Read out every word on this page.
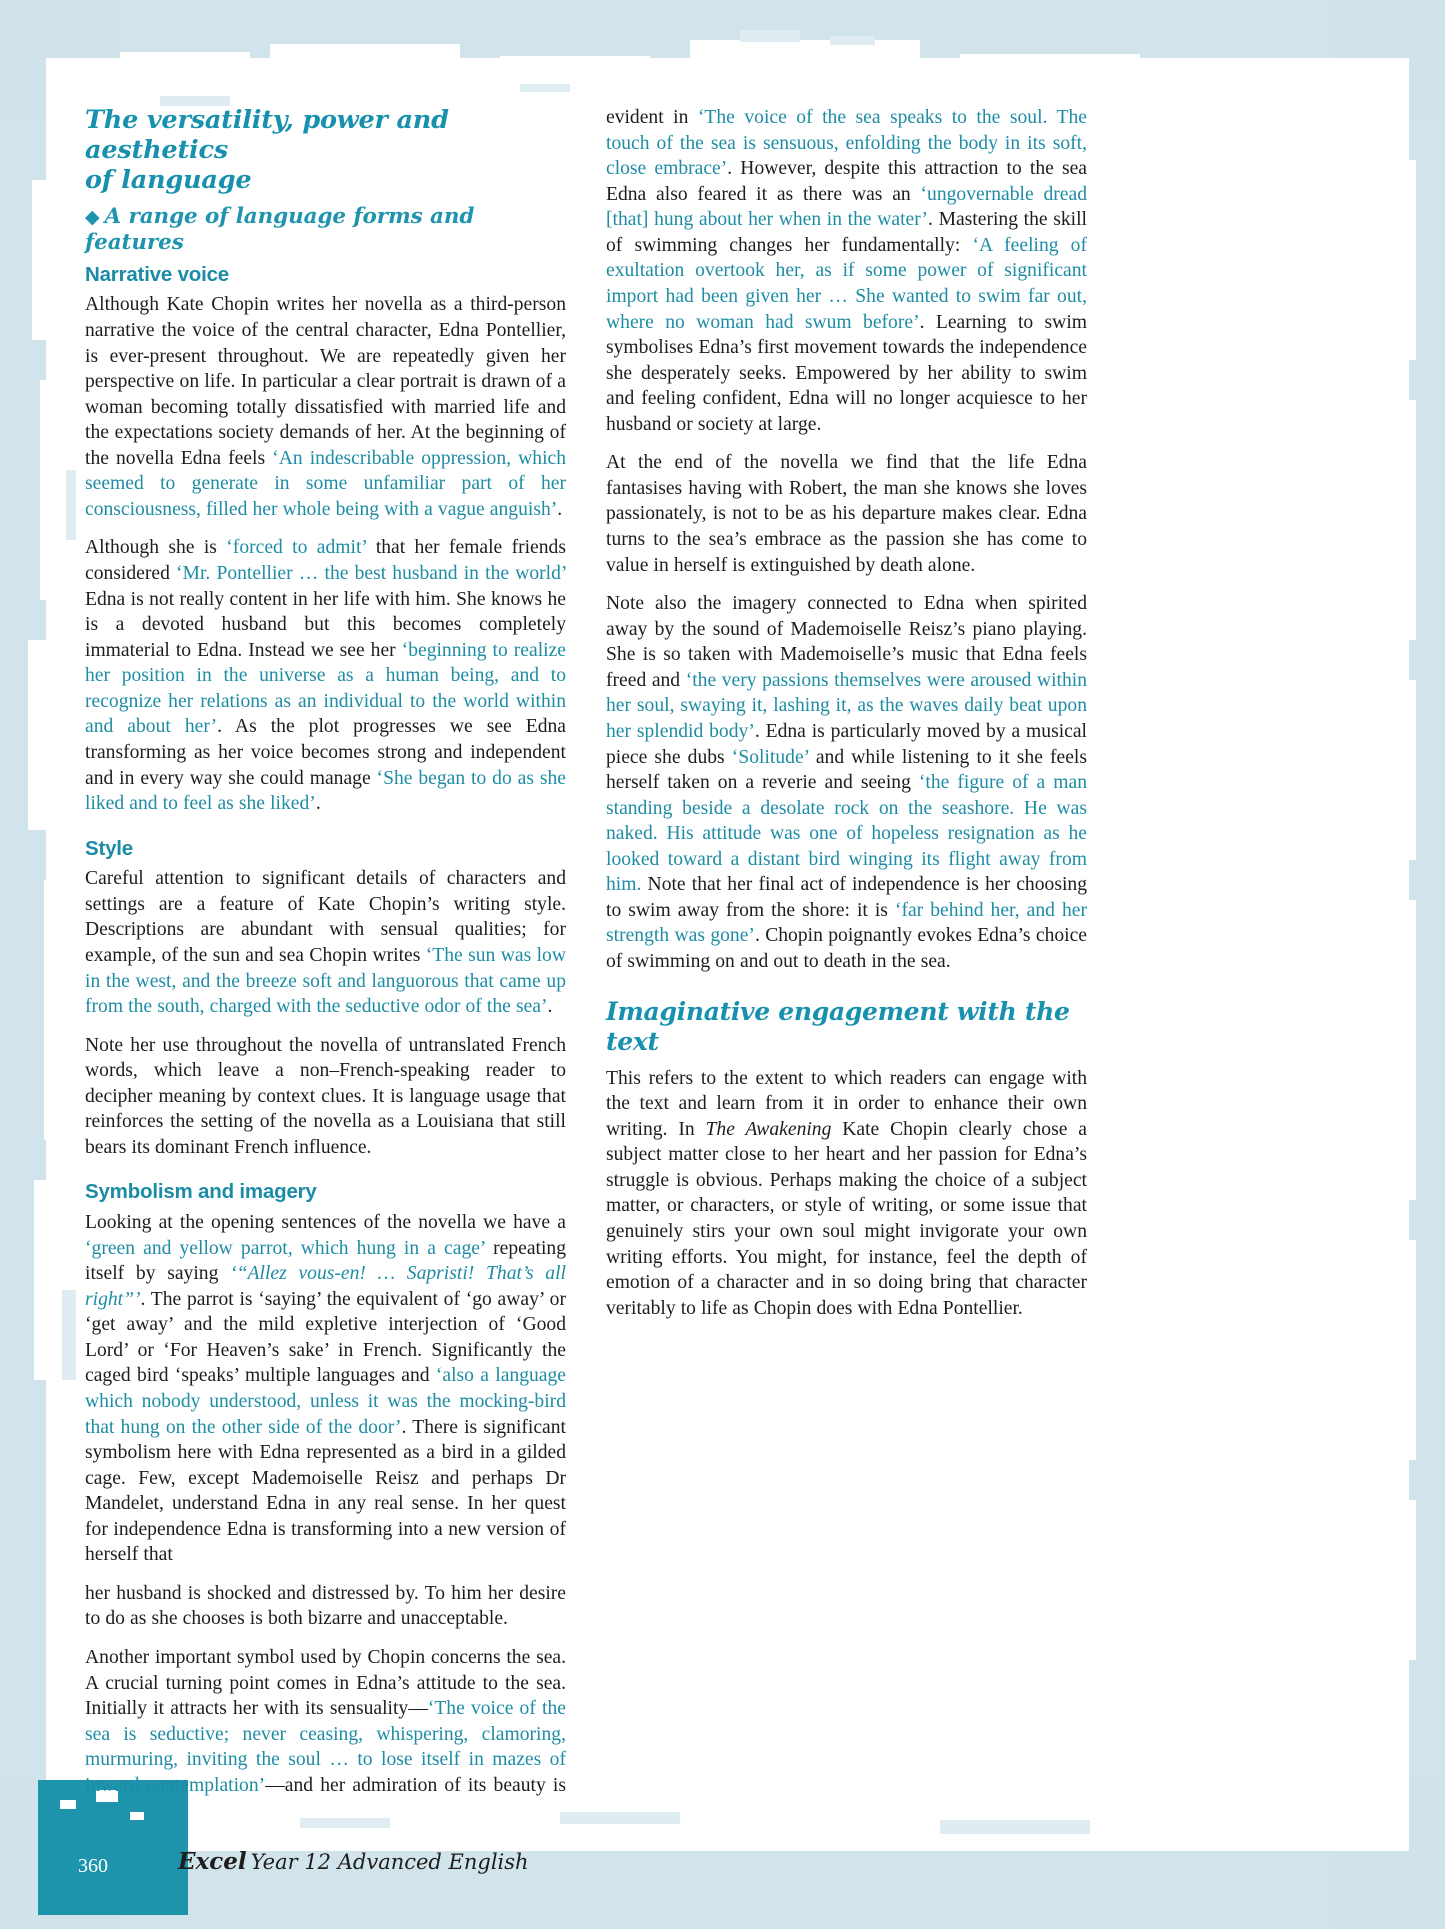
360	Excel Year 12 Advanced English
The versatility, power and aesthetics
of language
◆ A range of language forms and features
Narrative voice

Although Kate Chopin writes her novella as a third-person narrative the voice of the central character, Edna Pontellier, is ever-present throughout. We are repeatedly given her perspective on life. In particular a clear portrait is drawn of a woman becoming totally dissatisfied with married life and the expectations society demands of her. At the beginning of the novella Edna feels ‘An indescribable oppression, which seemed to generate in some unfamiliar part of her consciousness, filled her whole being with a vague anguish’.

Although she is ‘forced to admit’ that her female friends considered ‘Mr. Pontellier … the best husband in the world’ Edna is not really content in her life with him. She knows he is a devoted husband but this becomes completely immaterial to Edna. Instead we see her ‘beginning to realize her position in the universe as a human being, and to recognize her relations as an individual to the world within and about her’. As the plot progresses we see Edna transforming as her voice becomes strong and independent and in every way she could manage ‘She began to do as she liked and to feel as she liked’.

Style

Careful attention to significant details of characters and settings are a feature of Kate Chopin’s writing style. Descriptions are abundant with sensual qualities; for example, of the sun and sea Chopin writes ‘The sun was low in the west, and the breeze soft and languorous that came up from the south, charged with the seductive odor of the sea’.

Note her use throughout the novella of untranslated French words, which leave a non–French-speaking reader to decipher meaning by context clues. It is language usage that reinforces the setting of the novella as a Louisiana that still bears its dominant French influence.

Symbolism and imagery

Looking at the opening sentences of the novella we have a ‘green and yellow parrot, which hung in a cage’ repeating itself by saying ‘“Allez vous-en! … Sapristi! That’s all right”’. The parrot is ‘saying’ the equivalent of ‘go away’ or ‘get away’ and the mild expletive interjection of ‘Good Lord’ or ‘For Heaven’s sake’ in French. Significantly the caged bird ‘speaks’ multiple languages and ‘also a language which nobody understood, unless it was the mocking-bird that hung on the other side of the door’. There is significant symbolism here with Edna represented as a bird in a gilded cage. Few, except Mademoiselle Reisz and perhaps Dr Mandelet, understand Edna in any real sense. In her quest for independence Edna is transforming into a new version of herself that

her husband is shocked and distressed by. To him her desire to do as she chooses is both bizarre and unacceptable.

Another important symbol used by Chopin concerns the sea. A crucial turning point comes in Edna’s attitude to the sea. Initially it attracts her with its sensuality—‘The voice of the sea is seductive; never ceasing, whispering, clamoring, murmuring, inviting the soul … to lose itself in mazes of inward contemplation’—and her admiration of its beauty is evident in ‘The voice of the sea speaks to the soul. The touch of the sea is sensuous, enfolding the body in its soft, close embrace’. However, despite this attraction to the sea Edna also feared it as there was an ‘ungovernable dread [that] hung about her when in the water’. Mastering the skill of swimming changes her fundamentally: ‘A feeling of exultation overtook her, as if some power of significant import had been given her … She wanted to swim far out, where no woman had swum before’. Learning to swim symbolises Edna’s first movement towards the independence she desperately seeks. Empowered by her ability to swim and feeling confident, Edna will no longer acquiesce to her husband or society at large.

At the end of the novella we find that the life Edna fantasises having with Robert, the man she knows she loves passionately, is not to be as his departure makes clear. Edna turns to the sea’s embrace as the passion she has come to value in herself is extinguished by death alone.

Note also the imagery connected to Edna when spirited away by the sound of Mademoiselle Reisz’s piano playing. She is so taken with Mademoiselle’s music that Edna feels freed and ‘the very passions themselves were aroused within her soul, swaying it, lashing it, as the waves daily beat upon her splendid body’. Edna is particularly moved by a musical piece she dubs ‘Solitude’ and while listening to it she feels herself taken on a reverie and seeing ‘the figure of a man standing beside a desolate rock on the seashore. He was naked. His attitude was one of hopeless resignation as he looked toward a distant bird winging its flight away from him. Note that her final act of independence is her choosing to swim away from the shore: it is ‘far behind her, and her strength was gone’. Chopin poignantly evokes Edna’s choice of swimming on and out to death in the sea.

Imaginative engagement with the text

This refers to the extent to which readers can engage with the text and learn from it in order to enhance their own writing. In The Awakening Kate Chopin clearly chose a subject matter close to her heart and her passion for Edna’s struggle is obvious. Perhaps making the choice of a subject matter, or characters, or style of writing, or some issue that genuinely stirs your own soul might invigorate your own writing efforts. You might, for instance, feel the depth of emotion of a character and in so doing bring that character veritably to life as Chopin does with Edna Pontellier.
